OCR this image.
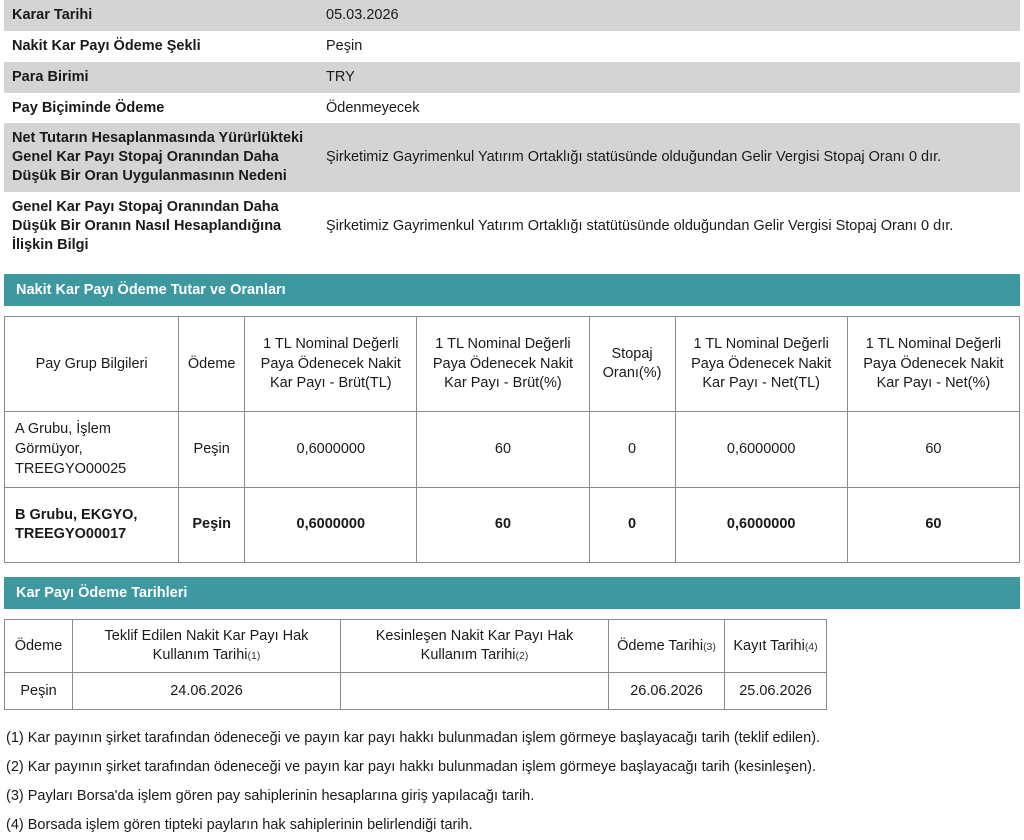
Karar Tarihi	05.03.2026
Nakit Kar Payı Ödeme Şekli	Peşin
Para Birimi	TRY
Pay Biçiminde Ödeme	Ödenmeyecek
Net Tutarın Hesaplanmasında Yürürlükteki Genel Kar Payı Stopaj Oranından Daha Düşük Bir Oran Uygulanmasının Nedeni	Şirketimiz Gayrimenkul Yatırım Ortaklığı statüsünde olduğundan Gelir Vergisi Stopaj Oranı 0 dır.
Genel Kar Payı Stopaj Oranından Daha Düşük Bir Oranın Nasıl Hesaplandığına İlişkin Bilgi	Şirketimiz Gayrimenkul Yatırım Ortaklığı statütüsünde olduğundan Gelir Vergisi Stopaj Oranı 0 dır.
Nakit Kar Payı Ödeme Tutar ve Oranları
Pay Grup Bilgileri	Ödeme	1 TL Nominal Değerli Paya Ödenecek Nakit Kar Payı - Brüt(TL)	1 TL Nominal Değerli Paya Ödenecek Nakit Kar Payı - Brüt(%)	Stopaj Oranı(%)	1 TL Nominal Değerli Paya Ödenecek Nakit Kar Payı - Net(TL)	1 TL Nominal Değerli Paya Ödenecek Nakit Kar Payı - Net(%)
A Grubu, İşlem Görmüyor, TREEGYO00025	Peşin	0,6000000	60	0	0,6000000	60
B Grubu, EKGYO, TREEGYO00017	Peşin	0,6000000	60	0	0,6000000	60
Kar Payı Ödeme Tarihleri
Ödeme	Teklif Edilen Nakit Kar Payı Hak Kullanım Tarihi(1)	Kesinleşen Nakit Kar Payı Hak Kullanım Tarihi(2)	Ödeme Tarihi(3)	Kayıt Tarihi(4)
Peşin	24.06.2026		26.06.2026	25.06.2026
(1) Kar payının şirket tarafından ödeneceği ve payın kar payı hakkı bulunmadan işlem görmeye başlayacağı tarih (teklif edilen).
(2) Kar payının şirket tarafından ödeneceği ve payın kar payı hakkı bulunmadan işlem görmeye başlayacağı tarih (kesinleşen).
(3) Payları Borsa'da işlem gören pay sahiplerinin hesaplarına giriş yapılacağı tarih.
(4) Borsada işlem gören tipteki payların hak sahiplerinin belirlendiği tarih.
